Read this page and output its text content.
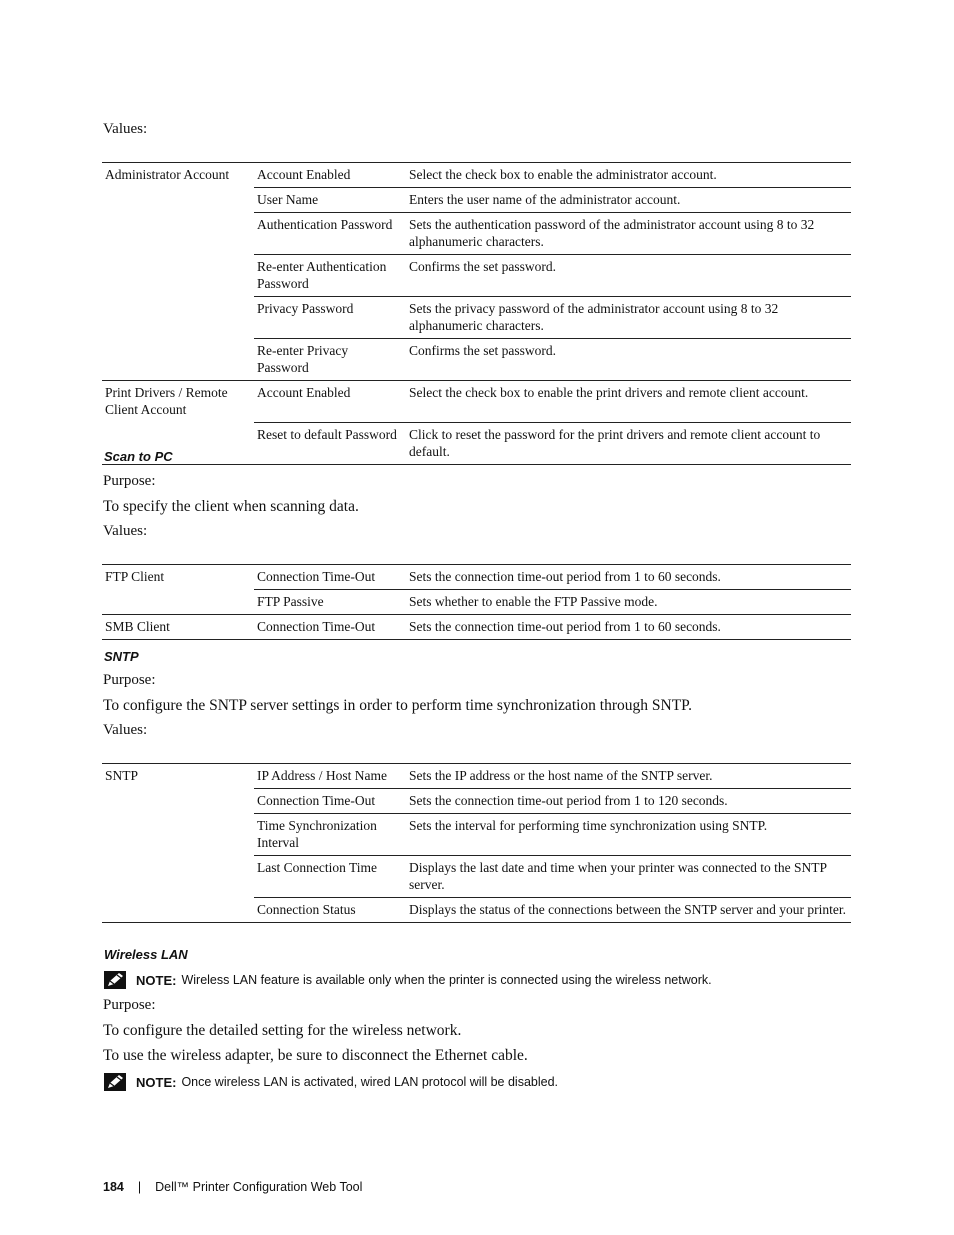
Values:
Administrator Account	Account Enabled	Select the check box to enable the administrator account.
	User Name	Enters the user name of the administrator account.
	Authentication Password	Sets the authentication password of the administrator account using 8 to 32 alphanumeric characters.
	Re-enter Authentication Password	Confirms the set password.
	Privacy Password	Sets the privacy password of the administrator account using 8 to 32 alphanumeric characters.
	Re-enter Privacy Password	Confirms the set password.
Print Drivers / Remote Client Account	Account Enabled	Select the check box to enable the print drivers and remote client account.
	Reset to default Password	Click to reset the password for the print drivers and remote client account to default.
Scan to PC
Purpose:
To specify the client when scanning data.
Values:
FTP Client	Connection Time-Out	Sets the connection time-out period from 1 to 60 seconds.
	FTP Passive	Sets whether to enable the FTP Passive mode.
SMB Client	Connection Time-Out	Sets the connection time-out period from 1 to 60 seconds.
SNTP
Purpose:
To configure the SNTP server settings in order to perform time synchronization through SNTP.
Values:
SNTP	IP Address / Host Name	Sets the IP address or the host name of the SNTP server.
	Connection Time-Out	Sets the connection time-out period from 1 to 120 seconds.
	Time Synchronization Interval	Sets the interval for performing time synchronization using SNTP.
	Last Connection Time	Displays the last date and time when your printer was connected to the SNTP server.
	Connection Status	Displays the status of the connections between the SNTP server and your printer.
Wireless LAN
NOTE: Wireless LAN feature is available only when the printer is connected using the wireless network.
Purpose:
To configure the detailed setting for the wireless network.
To use the wireless adapter, be sure to disconnect the Ethernet cable.
NOTE: Once wireless LAN is activated, wired LAN protocol will be disabled.
184 | Dell™ Printer Configuration Web Tool
